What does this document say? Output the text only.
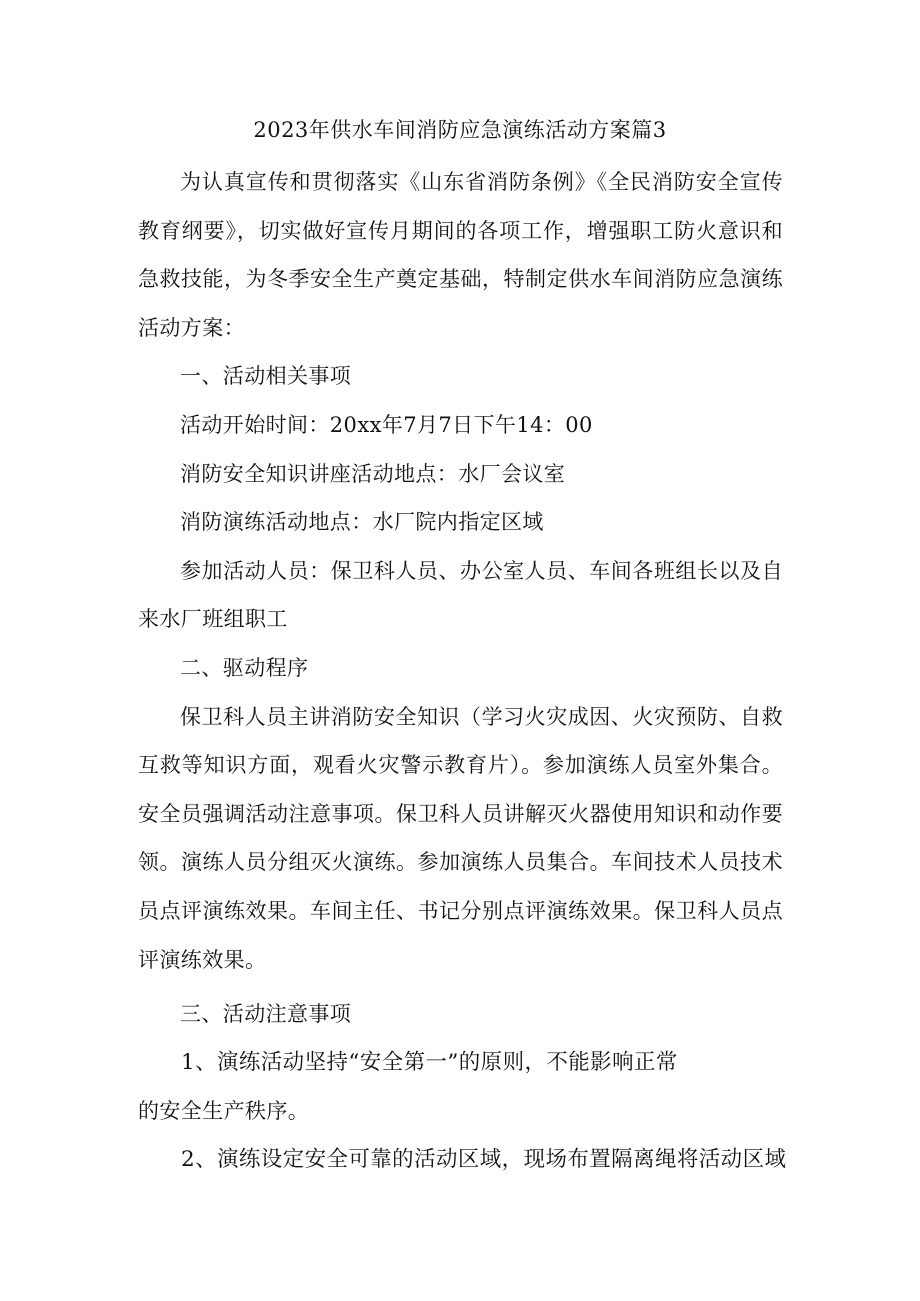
2023年供水车间消防应急演练活动方案篇3

为认真宣传和贯彻落实《山东省消防条例》《全民消防安全宣传教育纲要》，切实做好宣传月期间的各项工作，增强职工防火意识和急救技能，为冬季安全生产奠定基础，特制定供水车间消防应急演练活动方案：

一、活动相关事项

活动开始时间：20xx年7月7日下午14：00

消防安全知识讲座活动地点：水厂会议室

消防演练活动地点：水厂院内指定区域

参加活动人员：保卫科人员、办公室人员、车间各班组长以及自来水厂班组职工

二、驱动程序

保卫科人员主讲消防安全知识（学习火灾成因、火灾预防、自救互救等知识方面，观看火灾警示教育片）。参加演练人员室外集合。安全员强调活动注意事项。保卫科人员讲解灭火器使用知识和动作要领。演练人员分组灭火演练。参加演练人员集合。车间技术人员技术员点评演练效果。车间主任、书记分别点评演练效果。保卫科人员点评演练效果。

三、活动注意事项

1、演练活动坚持“安全第一”的原则，不能影响正常

的安全生产秩序。

2、演练设定安全可靠的活动区域，现场布置隔离绳将活动区域
